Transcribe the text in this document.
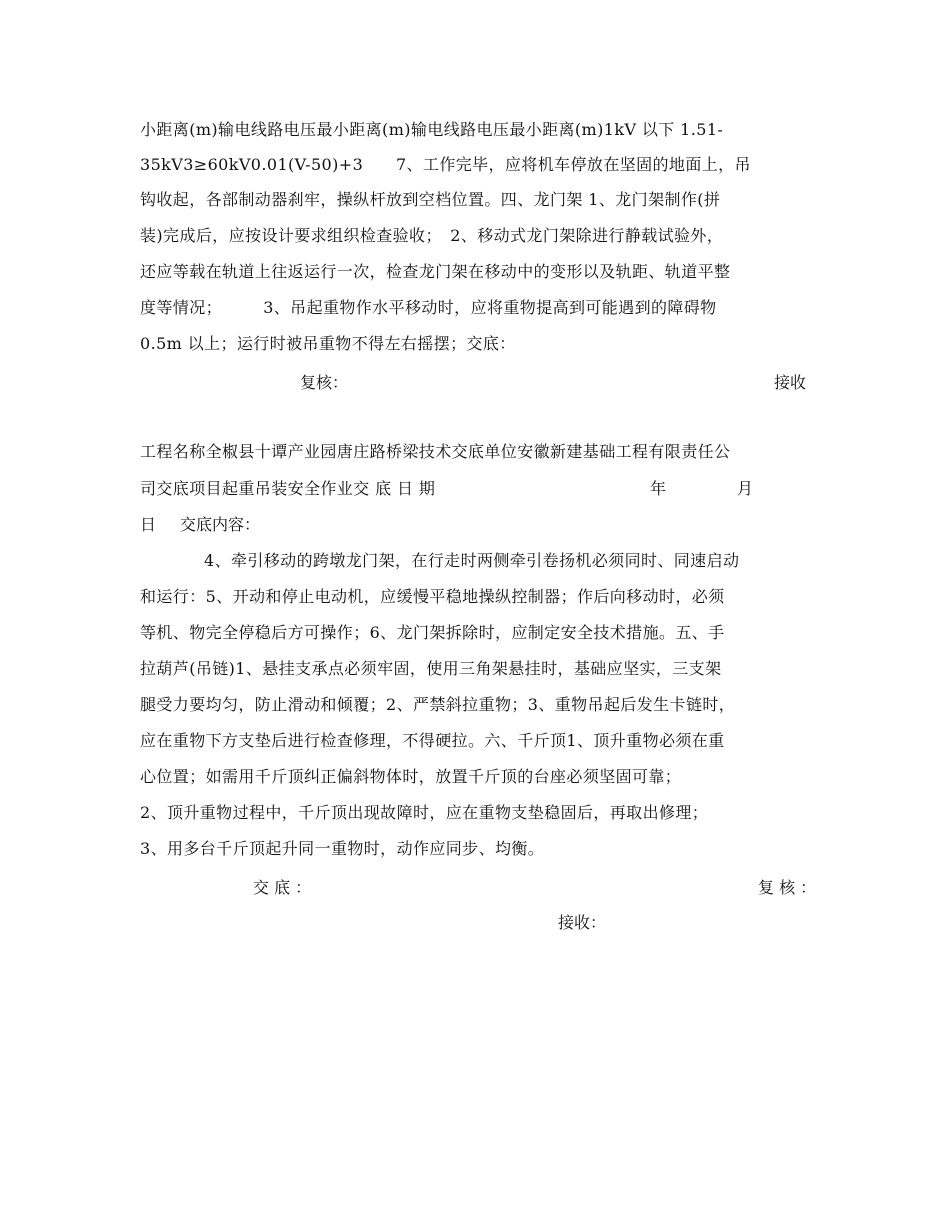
小距离(m)输电线路电压最小距离(m)输电线路电压最小距离(m)1kV 以下 1.51-
35kV3≥60kV0.01(V-50)+3　　7、工作完毕，应将机车停放在坚固的地面上，吊
钩收起，各部制动器刹牢，操纵杆放到空档位置。四、龙门架 1、龙门架制作(拼
装)完成后，应按设计要求组织检查验收；　2、移动式龙门架除进行静载试验外，
还应等载在轨道上往返运行一次，检查龙门架在移动中的变形以及轨距、轨道平整
度等情况；　　　3、吊起重物作水平移动时，应将重物提高到可能遇到的障碍物
0.5m 以上；运行时被吊重物不得左右摇摆；交底：
复核：	接收
工程名称全椒县十谭产业园唐庄路桥梁技术交底单位安徽新建基础工程有限责任公
司交底项目起重吊装安全作业交 底 日 期	年	月
日 交底内容：
4、牵引移动的跨墩龙门架，在行走时两侧牵引卷扬机必须同时、同速启动
和运行：5、开动和停止电动机，应缓慢平稳地操纵控制器；作后向移动时，必须
等机、物完全停稳后方可操作；6、龙门架拆除时，应制定安全技术措施。五、手
拉葫芦(吊链)1、悬挂支承点必须牢固，使用三角架悬挂时，基础应坚实，三支架
腿受力要均匀，防止滑动和倾覆；2、严禁斜拉重物；3、重物吊起后发生卡链时，
应在重物下方支垫后进行检查修理，不得硬拉。六、千斤顶1、顶升重物必须在重
心位置；如需用千斤顶纠正偏斜物体时，放置千斤顶的台座必须坚固可靠；
2、顶升重物过程中，千斤顶出现故障时，应在重物支垫稳固后，再取出修理；
3、用多台千斤顶起升同一重物时，动作应同步、均衡。
交 底 ：	复 核 ：
接收：
